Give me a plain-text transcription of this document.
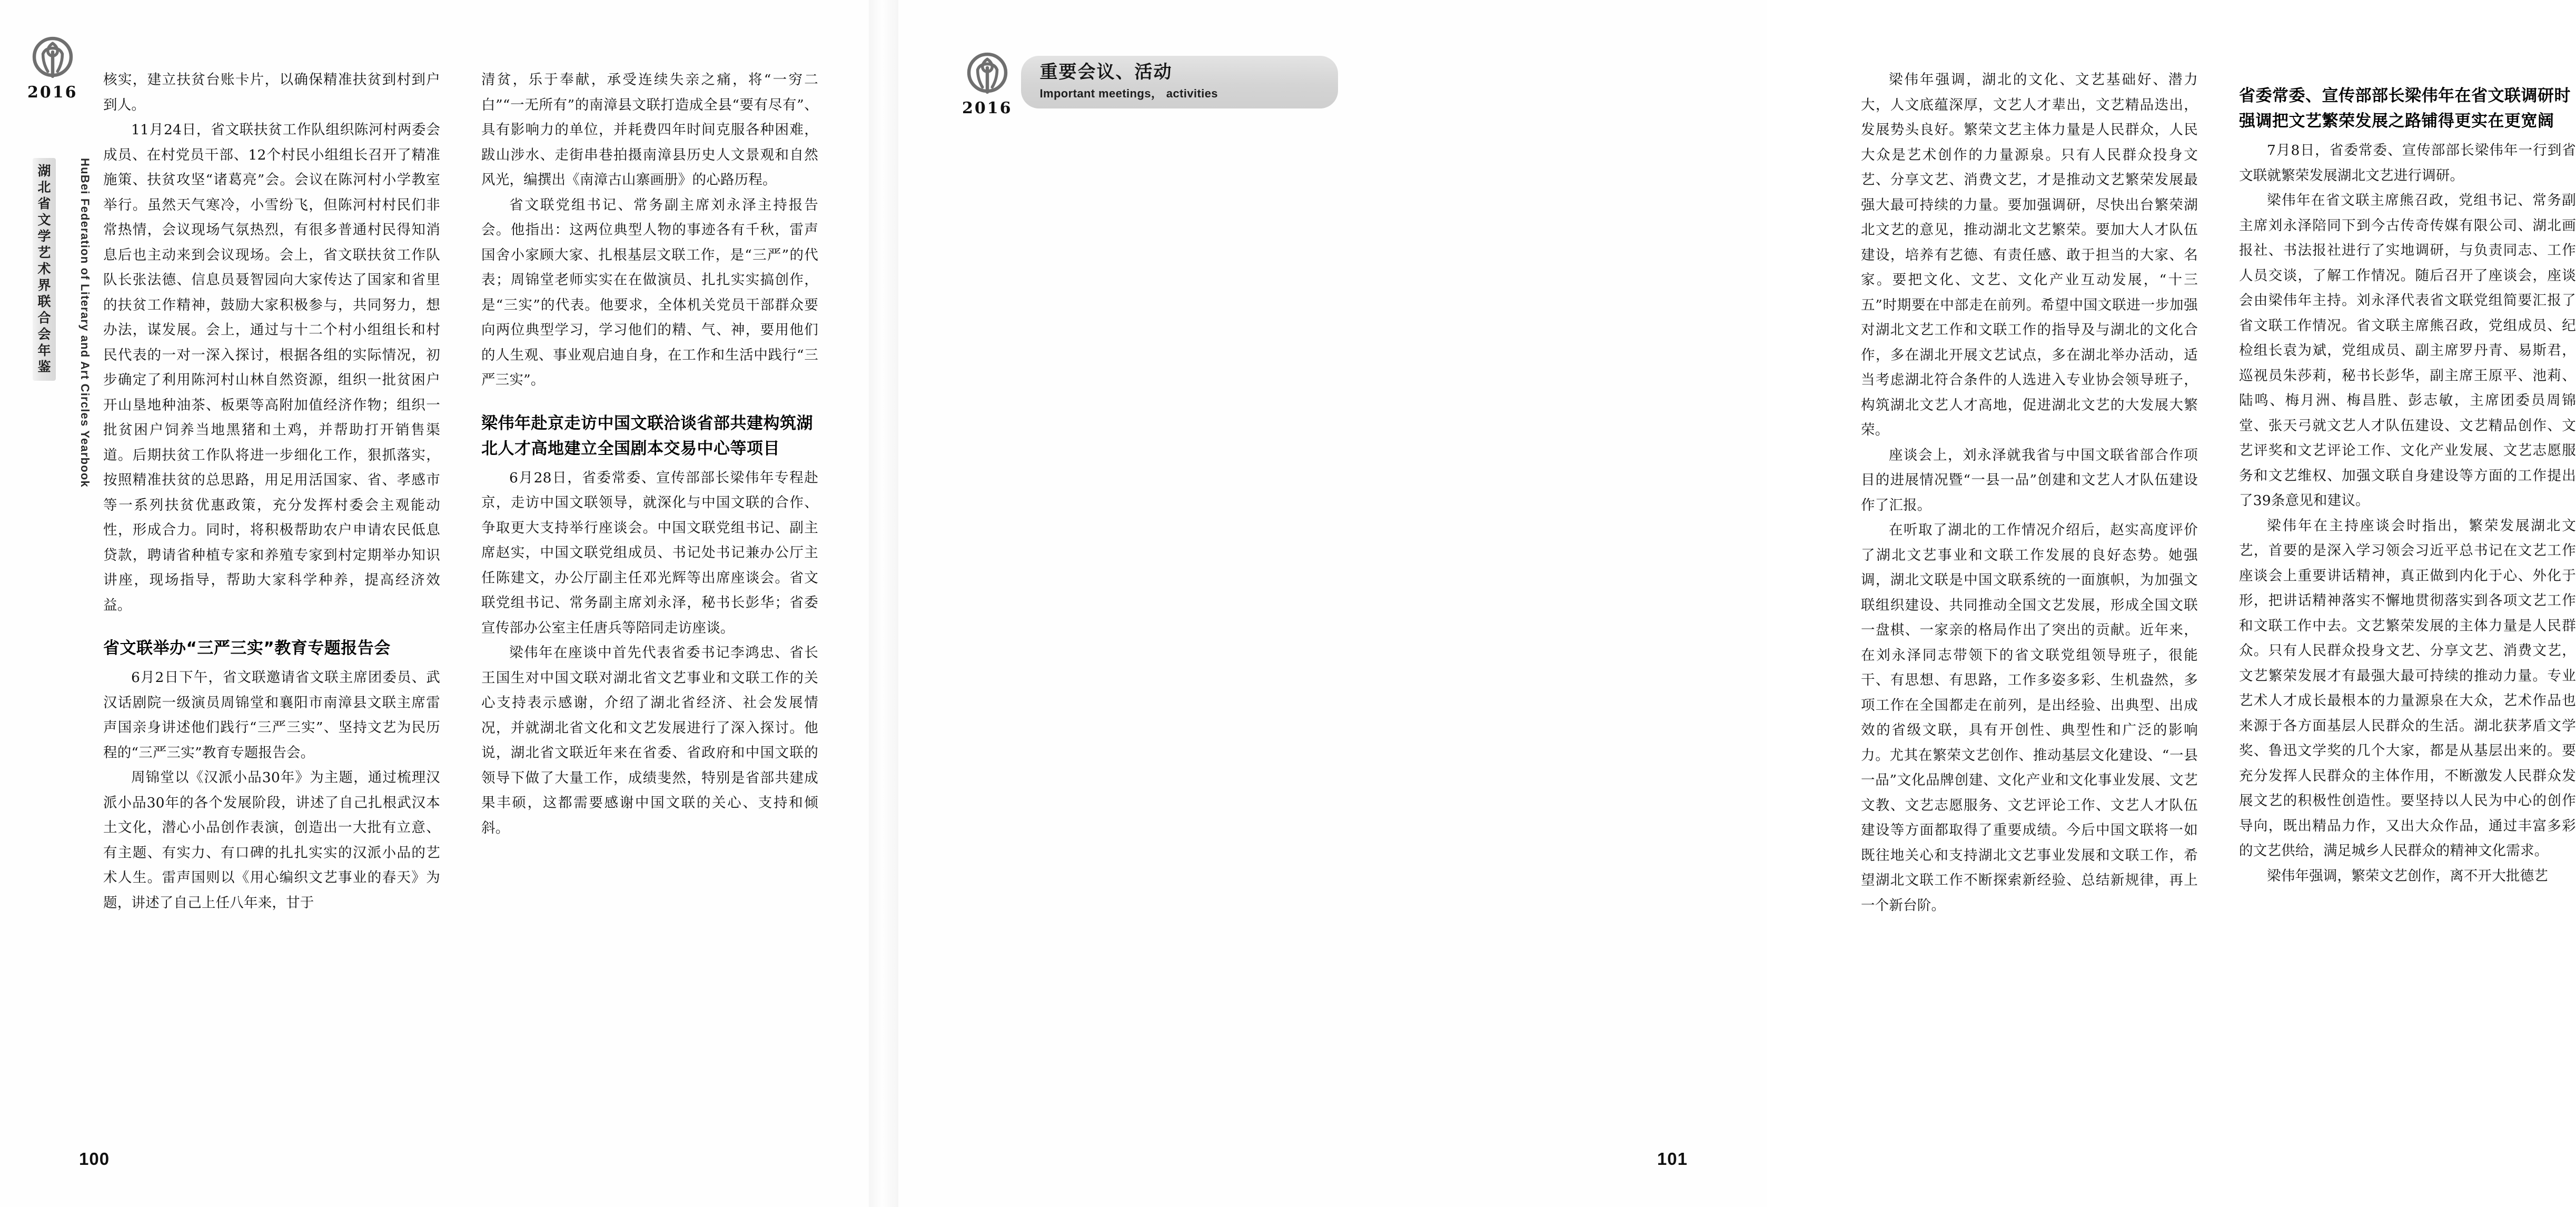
2016
湖
北
省
文
学
艺
术
界
联
合
会
年
鉴 HuBei Federation of Literary and Art Circles Yearbook

核实，建立扶贫台账卡片，以确保精准扶贫到村到户到人。

11月24日，省文联扶贫工作队组织陈河村两委会成员、在村党员干部、12个村民小组组长召开了精准施策、扶贫攻坚“诸葛亮”会。会议在陈河村小学教室举行。虽然天气寒冷，小雪纷飞，但陈河村村民们非常热情，会议现场气氛热烈，有很多普通村民得知消息后也主动来到会议现场。会上，省文联扶贫工作队队长张法德、信息员聂智园向大家传达了国家和省里的扶贫工作精神，鼓励大家积极参与，共同努力，想办法，谋发展。会上，通过与十二个村小组组长和村民代表的一对一深入探讨，根据各组的实际情况，初步确定了利用陈河村山林自然资源，组织一批贫困户开山垦地种油茶、板栗等高附加值经济作物；组织一批贫困户饲养当地黑猪和土鸡，并帮助打开销售渠道。后期扶贫工作队将进一步细化工作，狠抓落实，按照精准扶贫的总思路，用足用活国家、省、孝感市等一系列扶贫优惠政策，充分发挥村委会主观能动性，形成合力。同时，将积极帮助农户申请农民低息贷款，聘请省种植专家和养殖专家到村定期举办知识讲座，现场指导，帮助大家科学种养，提高经济效益。

省文联举办“三严三实”教育专题报告会

6月2日下午，省文联邀请省文联主席团委员、武汉话剧院一级演员周锦堂和襄阳市南漳县文联主席雷声国亲身讲述他们践行“三严三实”、坚持文艺为民历程的“三严三实”教育专题报告会。

周锦堂以《汉派小品30年》为主题，通过梳理汉派小品30年的各个发展阶段，讲述了自己扎根武汉本土文化，潜心小品创作表演，创造出一大批有立意、有主题、有实力、有口碑的扎扎实实的汉派小品的艺术人生。雷声国则以《用心编织文艺事业的春天》为题，讲述了自己上任八年来，甘于

清贫，乐于奉献，承受连续失亲之痛，将“一穷二白”“一无所有”的南漳县文联打造成全县“要有尽有”、具有影响力的单位，并耗费四年时间克服各种困难，跋山涉水、走街串巷拍摄南漳县历史人文景观和自然风光，编撰出《南漳古山寨画册》的心路历程。

省文联党组书记、常务副主席刘永泽主持报告会。他指出：这两位典型人物的事迹各有千秋，雷声国舍小家顾大家、扎根基层文联工作，是“三严”的代表；周锦堂老师实实在在做演员、扎扎实实搞创作，是“三实”的代表。他要求，全体机关党员干部群众要向两位典型学习，学习他们的精、气、神，要用他们的人生观、事业观启迪自身，在工作和生活中践行“三严三实”。

梁伟年赴京走访中国文联洽谈省部共建构筑湖北人才高地建立全国剧本交易中心等项目

6月28日，省委常委、宣传部部长梁伟年专程赴京，走访中国文联领导，就深化与中国文联的合作、争取更大支持举行座谈会。中国文联党组书记、副主席赵实，中国文联党组成员、书记处书记兼办公厅主任陈建文，办公厅副主任邓光辉等出席座谈会。省文联党组书记、常务副主席刘永泽，秘书长彭华；省委宣传部办公室主任唐兵等陪同走访座谈。

梁伟年在座谈中首先代表省委书记李鸿忠、省长王国生对中国文联对湖北省文艺事业和文联工作的关心支持表示感谢，介绍了湖北省经济、社会发展情况，并就湖北省文化和文艺发展进行了深入探讨。他说，湖北省文联近年来在省委、省政府和中国文联的领导下做了大量工作，成绩斐然，特别是省部共建成果丰硕，这都需要感谢中国文联的关心、支持和倾斜。

100
2016
重要会议、活动
Important meetings， activities

梁伟年强调，湖北的文化、文艺基础好、潜力大，人文底蕴深厚，文艺人才辈出，文艺精品迭出，发展势头良好。繁荣文艺主体力量是人民群众，人民大众是艺术创作的力量源泉。只有人民群众投身文艺、分享文艺、消费文艺，才是推动文艺繁荣发展最强大最可持续的力量。要加强调研，尽快出台繁荣湖北文艺的意见，推动湖北文艺繁荣。要加大人才队伍建设，培养有艺德、有责任感、敢于担当的大家、名家。要把文化、文艺、文化产业互动发展，“十三五”时期要在中部走在前列。希望中国文联进一步加强对湖北文艺工作和文联工作的指导及与湖北的文化合作，多在湖北开展文艺试点，多在湖北举办活动，适当考虑湖北符合条件的人选进入专业协会领导班子，构筑湖北文艺人才高地，促进湖北文艺的大发展大繁荣。

座谈会上，刘永泽就我省与中国文联省部合作项目的进展情况暨“一县一品”创建和文艺人才队伍建设作了汇报。

在听取了湖北的工作情况介绍后，赵实高度评价了湖北文艺事业和文联工作发展的良好态势。她强调，湖北文联是中国文联系统的一面旗帜，为加强文联组织建设、共同推动全国文艺发展，形成全国文联一盘棋、一家亲的格局作出了突出的贡献。近年来，在刘永泽同志带领下的省文联党组领导班子，很能干、有思想、有思路，工作多姿多彩、生机盎然，多项工作在全国都走在前列，是出经验、出典型、出成效的省级文联，具有开创性、典型性和广泛的影响力。尤其在繁荣文艺创作、推动基层文化建设、“一县一品”文化品牌创建、文化产业和文化事业发展、文艺文教、文艺志愿服务、文艺评论工作、文艺人才队伍建设等方面都取得了重要成绩。今后中国文联将一如既往地关心和支持湖北文艺事业发展和文联工作，希望湖北文联工作不断探索新经验、总结新规律，再上一个新台阶。

省委常委、宣传部部长梁伟年在省文联调研时强调把文艺繁荣发展之路铺得更实在更宽阔

7月8日，省委常委、宣传部部长梁伟年一行到省文联就繁荣发展湖北文艺进行调研。

梁伟年在省文联主席熊召政，党组书记、常务副主席刘永泽陪同下到今古传奇传媒有限公司、湖北画报社、书法报社进行了实地调研，与负责同志、工作人员交谈，了解工作情况。随后召开了座谈会，座谈会由梁伟年主持。刘永泽代表省文联党组简要汇报了省文联工作情况。省文联主席熊召政，党组成员、纪检组长袁为斌，党组成员、副主席罗丹青、易斯君，巡视员朱莎莉，秘书长彭华，副主席王原平、池莉、陆鸣、梅月洲、梅昌胜、彭志敏，主席团委员周锦堂、张天弓就文艺人才队伍建设、文艺精品创作、文艺评奖和文艺评论工作、文化产业发展、文艺志愿服务和文艺维权、加强文联自身建设等方面的工作提出了39条意见和建议。

梁伟年在主持座谈会时指出，繁荣发展湖北文艺，首要的是深入学习领会习近平总书记在文艺工作座谈会上重要讲话精神，真正做到内化于心、外化于形，把讲话精神落实不懈地贯彻落实到各项文艺工作和文联工作中去。文艺繁荣发展的主体力量是人民群众。只有人民群众投身文艺、分享文艺、消费文艺，文艺繁荣发展才有最强大最可持续的推动力量。专业艺术人才成长最根本的力量源泉在大众，艺术作品也来源于各方面基层人民群众的生活。湖北获茅盾文学奖、鲁迅文学奖的几个大家，都是从基层出来的。要充分发挥人民群众的主体作用，不断激发人民群众发展文艺的积极性创造性。要坚持以人民为中心的创作导向，既出精品力作，又出大众作品，通过丰富多彩的文艺供给，满足城乡人民群众的精神文化需求。

梁伟年强调，繁荣文艺创作，离不开大批德艺

101
